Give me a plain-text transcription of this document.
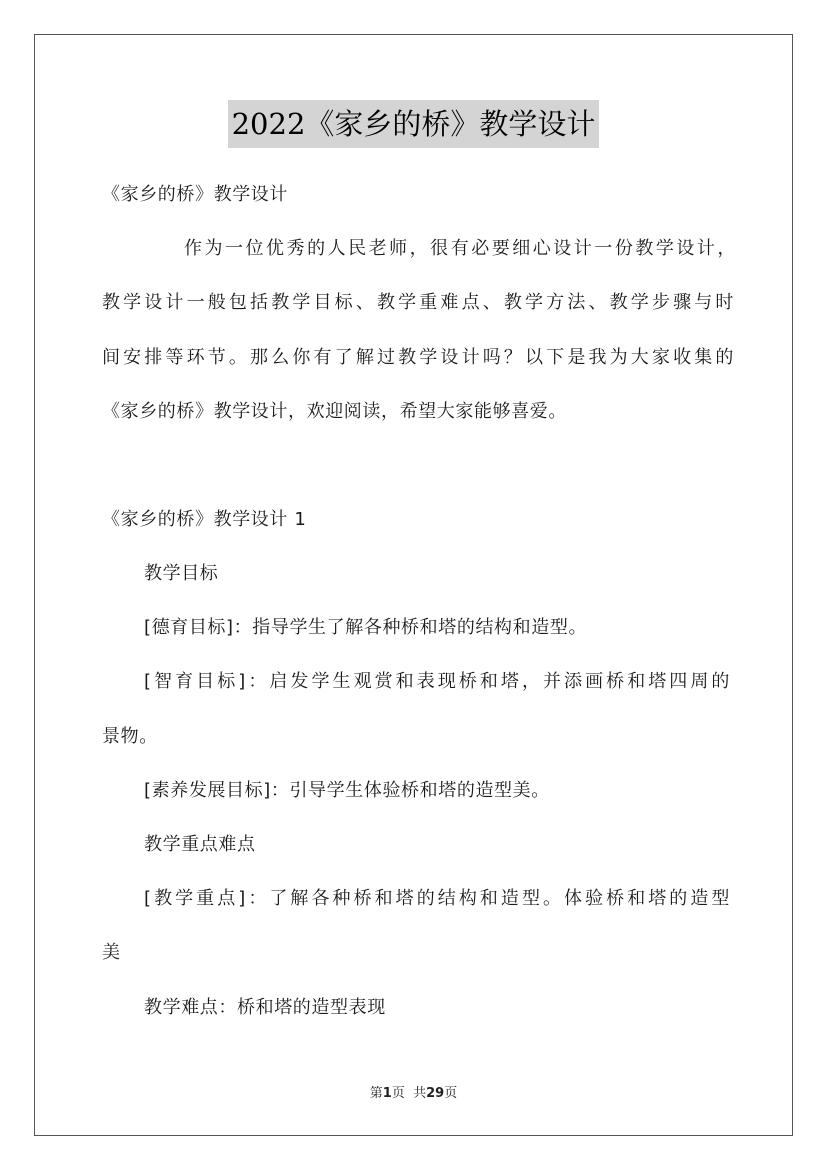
2022《家乡的桥》教学设计
《家乡的桥》教学设计
作为一位优秀的人民老师，很有必要细心设计一份教学设计，
教学设计一般包括教学目标、教学重难点、教学方法、教学步骤与时
间安排等环节。那么你有了解过教学设计吗？以下是我为大家收集的
《家乡的桥》教学设计，欢迎阅读，希望大家能够喜爱。
《家乡的桥》教学设计 1
教学目标
[德育目标]：指导学生了解各种桥和塔的结构和造型。
[智育目标]：启发学生观赏和表现桥和塔，并添画桥和塔四周的
景物。
[素养发展目标]：引导学生体验桥和塔的造型美。
教学重点难点
[教学重点]：了解各种桥和塔的结构和造型。体验桥和塔的造型
美
教学难点：桥和塔的造型表现
第1页  共29页
